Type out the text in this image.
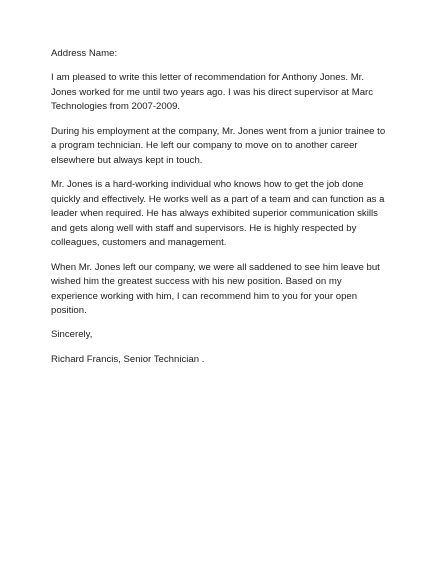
Address Name:

I am pleased to write this letter of recommendation for Anthony Jones. Mr. Jones worked for me until two years ago. I was his direct supervisor at Marc Technologies from 2007-2009.

During his employment at the company, Mr. Jones went from a junior trainee to a program technician. He left our company to move on to another career elsewhere but always kept in touch.

Mr. Jones is a hard-working individual who knows how to get the job done quickly and effectively. He works well as a part of a team and can function as a leader when required. He has always exhibited superior communication skills and gets along well with staff and supervisors. He is highly respected by colleagues, customers and management.

When Mr. Jones left our company, we were all saddened to see him leave but wished him the greatest success with his new position. Based on my experience working with him, I can recommend him to you for your open position.

Sincerely,

Richard Francis, Senior Technician .
